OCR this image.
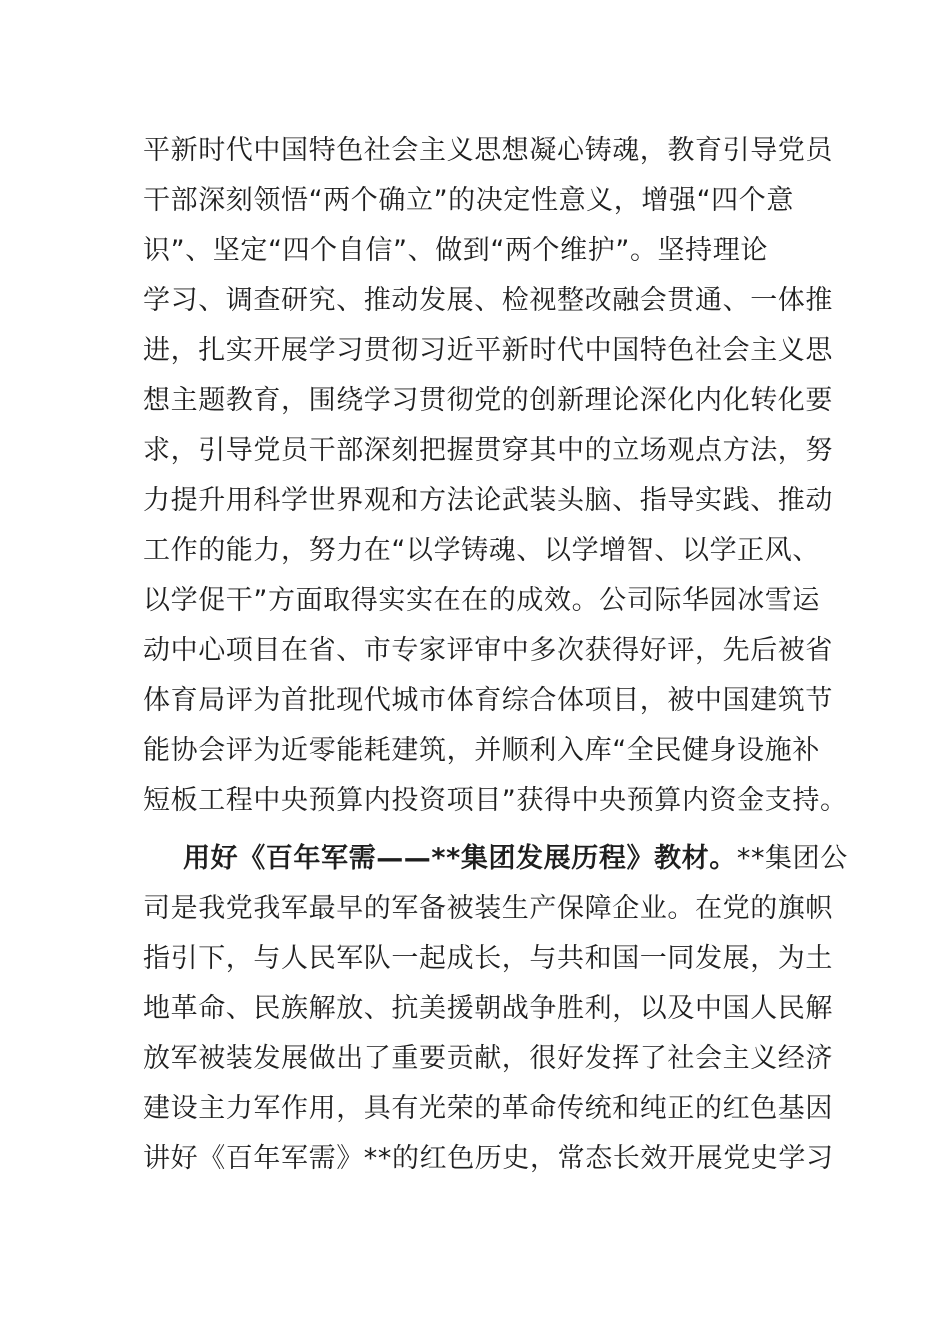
平新时代中国特色社会主义思想凝心铸魂，教育引导党员
干部深刻领悟“两个确立”的决定性意义，增强“四个意
识”、坚定“四个自信”、做到“两个维护”。坚持理论
学习、调查研究、推动发展、检视整改融会贯通、一体推
进，扎实开展学习贯彻习近平新时代中国特色社会主义思
想主题教育，围绕学习贯彻党的创新理论深化内化转化要
求，引导党员干部深刻把握贯穿其中的立场观点方法，努
力提升用科学世界观和方法论武装头脑、指导实践、推动
工作的能力，努力在“以学铸魂、以学增智、以学正风、
以学促干”方面取得实实在在的成效。公司际华园冰雪运
动中心项目在省、市专家评审中多次获得好评，先后被省
体育局评为首批现代城市体育综合体项目，被中国建筑节
能协会评为近零能耗建筑，并顺利入库“全民健身设施补
短板工程中央预算内投资项目”获得中央预算内资金支持。
用好《百年军需——**集团发展历程》教材。**集团公
司是我党我军最早的军备被装生产保障企业。在党的旗帜
指引下，与人民军队一起成长，与共和国一同发展，为土
地革命、民族解放、抗美援朝战争胜利，以及中国人民解
放军被装发展做出了重要贡献，很好发挥了社会主义经济
建设主力军作用，具有光荣的革命传统和纯正的红色基因
讲好《百年军需》**的红色历史，常态长效开展党史学习
